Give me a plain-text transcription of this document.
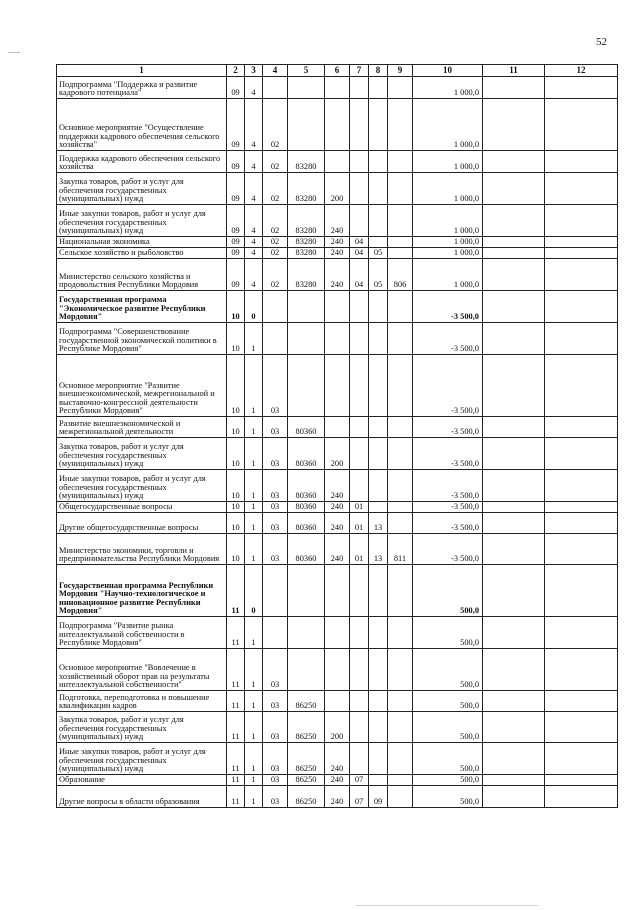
52
1	2	3	4	5	6	7	8	9	10	11	12
Подпрограмма "Поддержка и развитие кадрового потенциала"	09	4							1 000,0		
Основное мероприятие "Осуществление поддержки кадрового обеспечения сельского хозяйства"	09	4	02						1 000,0		
Поддержка кадрового обеспечения сельского хозяйства	09	4	02	83280					1 000,0		
Закупка товаров, работ и услуг для обеспечения государственных (муниципальных) нужд	09	4	02	83280	200				1 000,0		
Иные закупки товаров, работ и услуг для обеспечения государственных (муниципальных) нужд	09	4	02	83280	240				1 000,0		
Национальная экономика	09	4	02	83280	240	04			1 000,0		
Сельское хозяйство и рыболовство	09	4	02	83280	240	04	05		1 000,0		
Министерство сельского хозяйства и продовольствия Республики Мордовия	09	4	02	83280	240	04	05	806	1 000,0		
Государственная программа "Экономическое развитие Республики Мордовия"	10	0							-3 500,0		
Подпрограмма "Совершенствование государственной экономической политики в Республике Мордовия"	10	1							-3 500,0		
Основное мероприятие "Развитие внешнеэкономической, межрегиональной и выставочно-конгрессной деятельности Республики Мордовия"	10	1	03						-3 500,0		
Развитие внешнеэкономической и межрегиональной деятельности	10	1	03	80360					-3 500,0		
Закупка товаров, работ и услуг для обеспечения государственных (муниципальных) нужд	10	1	03	80360	200				-3 500,0		
Иные закупки товаров, работ и услуг для обеспечения государственных (муниципальных) нужд	10	1	03	80360	240				-3 500,0		
Общегосударственные вопросы	10	1	03	80360	240	01			-3 500,0		
Другие общегосударственные вопросы	10	1	03	80360	240	01	13		-3 500,0		
Министерство экономики, торговли и предпринимательства Республики Мордовия	10	1	03	80360	240	01	13	811	-3 500,0		
Государственная программа Республики Мордовия "Научно-технологическое и инновационное развитие Республики Мордовия"	11	0							500,0		
Подпрограмма "Развитие рынка интеллектуальной собственности в Республике Мордовия"	11	1							500,0		
Основное мероприятие "Вовлечение в хозяйственный оборот прав на результаты интеллектуальной собственности"	11	1	03						500,0		
Подготовка, переподготовка и повышение квалификации кадров	11	1	03	86250					500,0		
Закупка товаров, работ и услуг для обеспечения государственных (муниципальных) нужд	11	1	03	86250	200				500,0		
Иные закупки товаров, работ и услуг для обеспечения государственных (муниципальных) нужд	11	1	03	86250	240				500,0		
Образование	11	1	03	86250	240	07			500,0		
Другие вопросы в области образования	11	1	03	86250	240	07	09		500,0		
